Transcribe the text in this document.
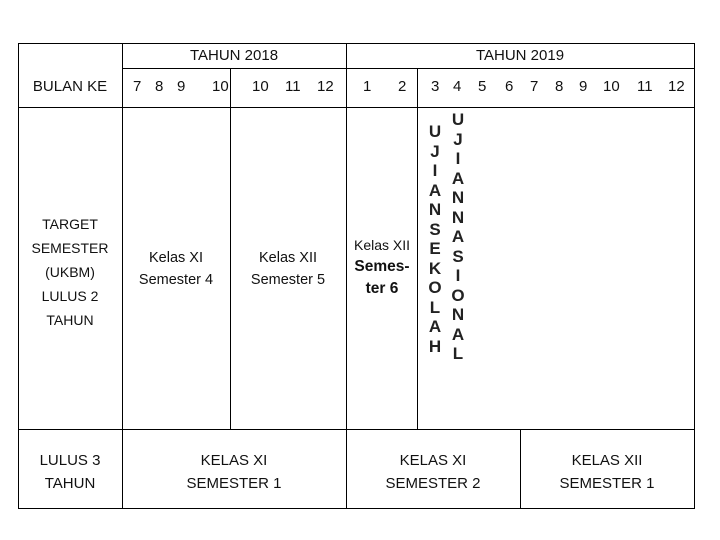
TAHUN 2018	TAHUN 2019
BULAN KE	7 8 9 10 10 11 12 1 2 3 4 5 6 7 8 9 10 11 12
TARGET
SEMESTER
(UKBM)
LULUS 2
TAHUN
Kelas XI
Semester 4
Kelas XII
Semester 5
Kelas XII
Semes-
ter 6
U
J
I
A
N
S
E
K
O
L
A
H
U
J
I
A
N
N
A
S
I
O
N
A
L
LULUS 3
TAHUN
KELAS XI
SEMESTER 1
KELAS XI
SEMESTER 2
KELAS XII
SEMESTER 1
